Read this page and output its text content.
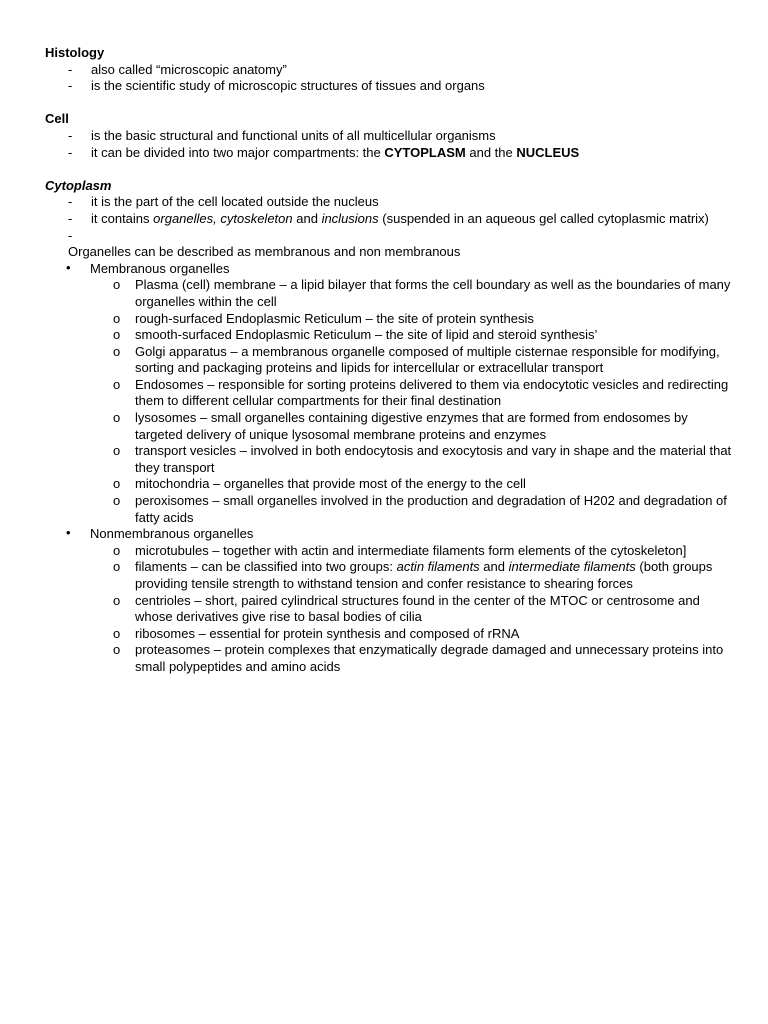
Histology
-	also called “microscopic anatomy”
-	is the scientific study of microscopic structures of tissues and organs
Cell
-	is the basic structural and functional units of all multicellular organisms
-	it can be divided into two major compartments: the CYTOPLASM and the NUCLEUS
Cytoplasm
-	it is the part of the cell located outside the nucleus
-	it contains organelles, cytoskeleton and inclusions (suspended in an aqueous gel called cytoplasmic matrix)
-

Organelles can be described as membranous and non membranous
• Membranous organelles
o Plasma (cell) membrane – a lipid bilayer that forms the cell boundary as well as the boundaries of many organelles within the cell
o rough-surfaced Endoplasmic Reticulum – the site of protein synthesis
o smooth-surfaced Endoplasmic Reticulum – the site of lipid and steroid synthesis’
o Golgi apparatus – a membranous organelle composed of multiple cisternae responsible for modifying, sorting and packaging proteins and lipids for intercellular or extracellular transport
o Endosomes – responsible for sorting proteins delivered to them via endocytotic vesicles and redirecting them to different cellular compartments for their final destination
o lysosomes – small organelles containing digestive enzymes that are formed from endosomes by targeted delivery of unique lysosomal membrane proteins and enzymes
o transport vesicles – involved in both endocytosis and exocytosis and vary in shape and the material that they transport
o mitochondria – organelles that provide most of the energy to the cell
o peroxisomes – small organelles involved in the production and degradation of H202 and degradation of fatty acids
• Nonmembranous organelles
o microtubules – together with actin and intermediate filaments form elements of the cytoskeleton]
o filaments – can be classified into two groups: actin filaments and intermediate filaments (both groups providing tensile strength to withstand tension and confer resistance to shearing forces
o centrioles – short, paired cylindrical structures found in the center of the MTOC or centrosome and whose derivatives give rise to basal bodies of cilia
o ribosomes – essential for protein synthesis and composed of rRNA
o proteasomes – protein complexes that enzymatically degrade damaged and unnecessary proteins into small polypeptides and amino acids
